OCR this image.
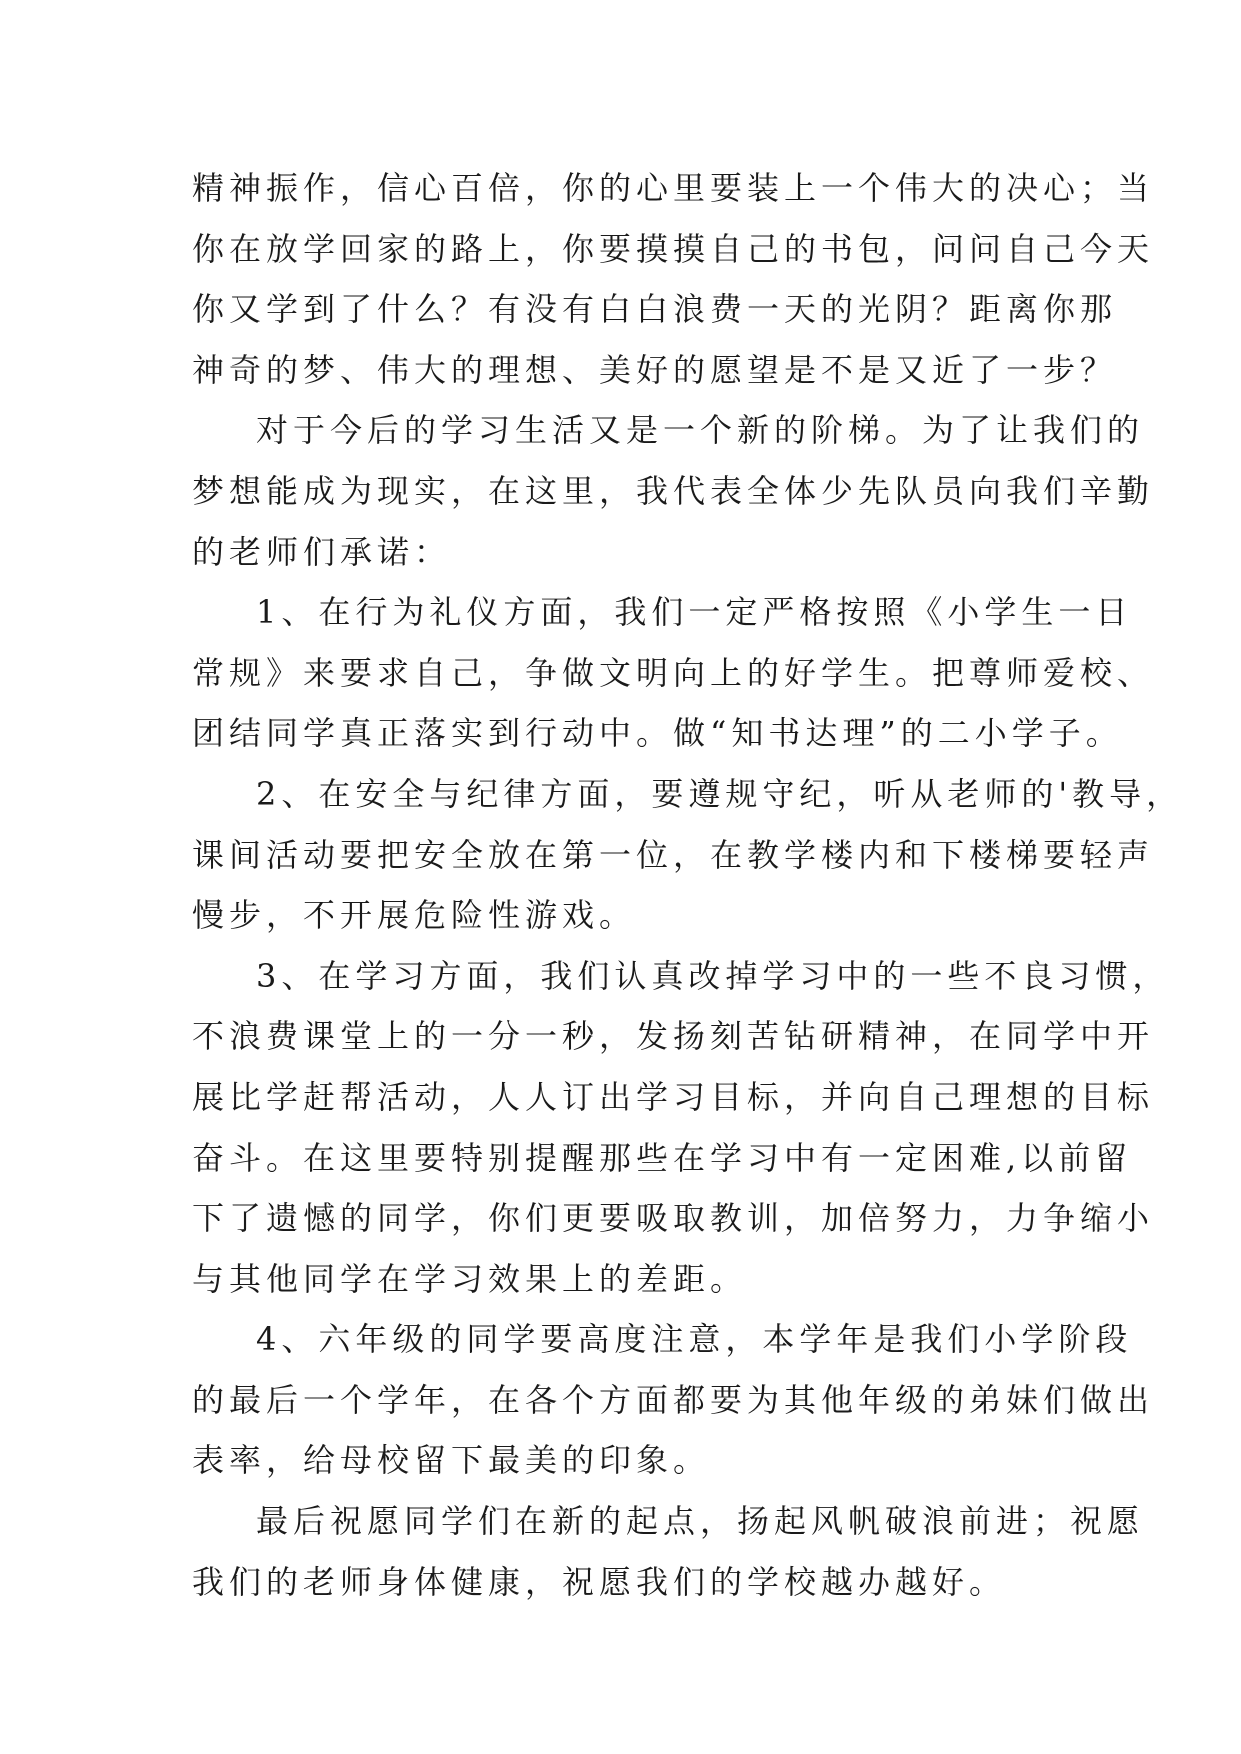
精神振作，信心百倍，你的心里要装上一个伟大的决心；当
你在放学回家的路上，你要摸摸自己的书包，问问自己今天
你又学到了什么？有没有白白浪费一天的光阴？距离你那
神奇的梦、伟大的理想、美好的愿望是不是又近了一步？
对于今后的学习生活又是一个新的阶梯。为了让我们的
梦想能成为现实，在这里，我代表全体少先队员向我们辛勤
的老师们承诺：
1、在行为礼仪方面，我们一定严格按照《小学生一日
常规》来要求自己，争做文明向上的好学生。把尊师爱校、
团结同学真正落实到行动中。做“知书达理”的二小学子。
2、在安全与纪律方面，要遵规守纪，听从老师的'教导，
课间活动要把安全放在第一位，在教学楼内和下楼梯要轻声
慢步，不开展危险性游戏。
3、在学习方面，我们认真改掉学习中的一些不良习惯，
不浪费课堂上的一分一秒，发扬刻苦钻研精神，在同学中开
展比学赶帮活动，人人订出学习目标，并向自己理想的目标
奋斗。在这里要特别提醒那些在学习中有一定困难,以前留
下了遗憾的同学，你们更要吸取教训，加倍努力，力争缩小
与其他同学在学习效果上的差距。
4、六年级的同学要高度注意，本学年是我们小学阶段
的最后一个学年，在各个方面都要为其他年级的弟妹们做出
表率，给母校留下最美的印象。
最后祝愿同学们在新的起点，扬起风帆破浪前进；祝愿
我们的老师身体健康，祝愿我们的学校越办越好。
